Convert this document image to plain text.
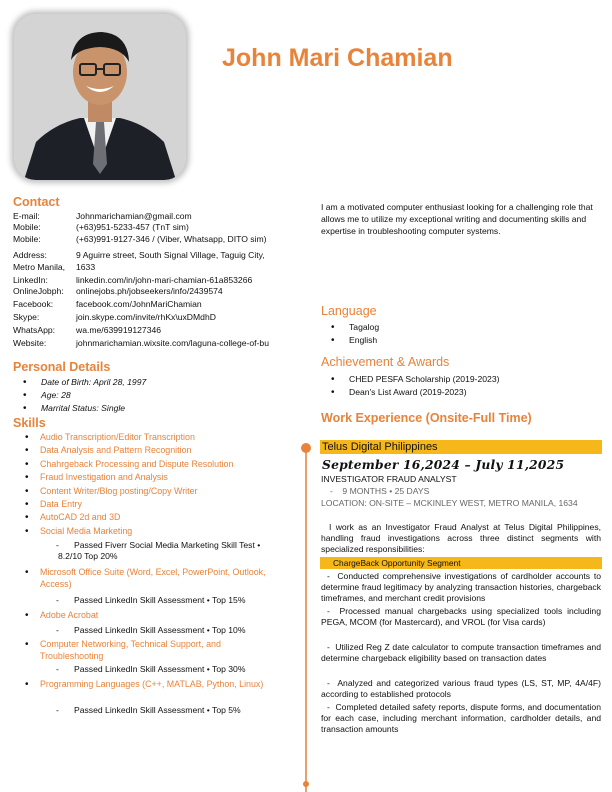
John Mari Chamian
Contact
E-mail:	Johnmarichamian@gmail.com
Mobile:	(+63)951-5233-457 (TnT sim)
Mobile:	(+63)991-9127-346 / (Viber, Whatsapp, DITO sim)
Address:	9 Aguirre street, South Signal Village, Taguig City,
Metro Manila, 1633
LinkedIn:	linkedin.com/in/john-mari-chamian-61a853266
OnlineJobph: onlinejobs.ph/jobseekers/info/2439574
Facebook:	facebook.com/JohnMariChamian
Skype:	join.skype.com/invite/rhKx\uxDMdhD
WhatsApp: wa.me/639919127346
Website:	johnmarichamian.wixsite.com/laguna-college-of-bu
Personal Details
• Date of Birth: April 28, 1997
• Age: 28
• Marrital Status: Single
Skills
• Audio Transcription/Editor Transcription
• Data Analysis and Pattern Recognition
• Chahrgeback Processing and Dispute Resolution
• Fraud Investigation and Analysis
• Content Writer/Blog posting/Copy Writer
• Data Entry
• AutoCAD 2d and 3D
• Social Media Marketing
Passed Fiverr Social Media Marketing Skill Test •
8.2/10 Top 20%
• Microsoft Office Suite (Word, Excel, PowerPoint, Outlook, Access)
Passed LinkedIn Skill Assessment • Top 15%
• Adobe Acrobat
Passed LinkedIn Skill Assessment • Top 10%
• Computer Networking, Technical Support, and Troubleshooting
Passed LinkedIn Skill Assessment • Top 30%
• Programming Languages (C++, MATLAB, Python, Linux)
Passed LinkedIn Skill Assessment • Top 5%
I am a motivated computer enthusiast looking for a challenging role that allows me to utilize my exceptional writing and documenting skills and expertise in troubleshooting computer systems.
Language
• Tagalog
• English
Achievement & Awards
• CHED PESFA Scholarship (2019-2023)
• Dean's List Award (2019-2023)
Work Experience (Onsite-Full Time)
Telus Digital Philippines
September 16,2024 – July 11,2025
INVESTIGATOR FRAUD ANALYST
-    9 MONTHS • 25 DAYS
LOCATION: ON-SITE – MCKINLEY WEST, METRO MANILA, 1634
I work as an Investigator Fraud Analyst at Telus Digital Philippines, handling fraud investigations across three distinct segments with specialized responsibilities:
ChargeBack Opportunity Segment
-  Conducted comprehensive investigations of cardholder accounts to determine fraud legitimacy by analyzing transaction histories, chargeback timeframes, and merchant credit provisions
-  Processed manual chargebacks using specialized tools including PEGA, MCOM (for Mastercard), and VROL (for Visa cards)
-  Utilized Reg Z date calculator to compute transaction timeframes and determine chargeback eligibility based on transaction dates
-  Analyzed and categorized various fraud types (LS, ST, MP, 4A/4F) according to established protocols
-  Completed detailed safety reports, dispute forms, and documentation for each case, including merchant information, cardholder details, and transaction amounts
